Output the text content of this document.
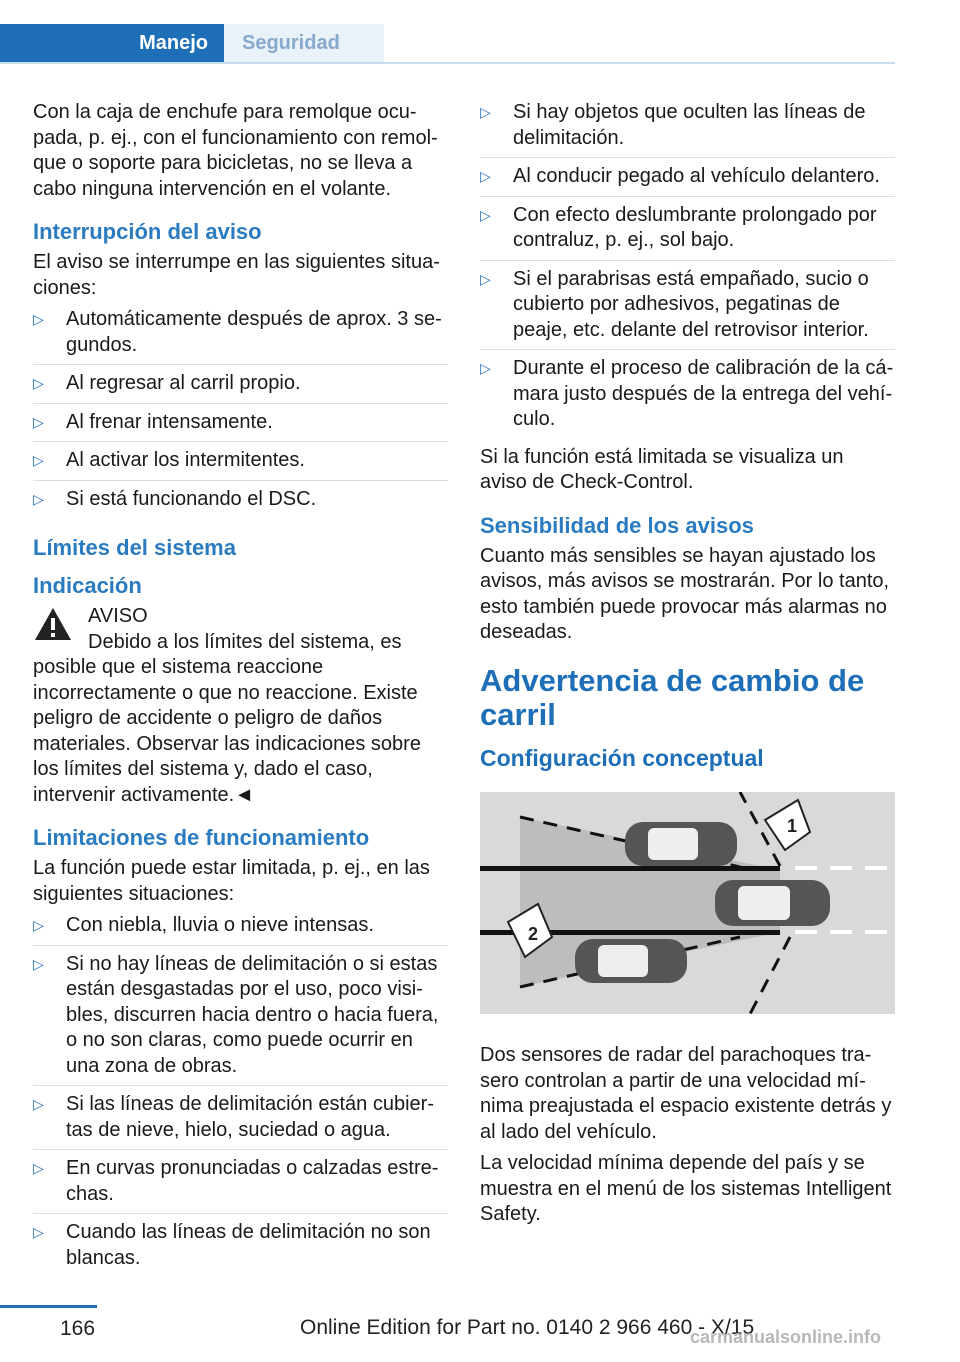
Manejo	Seguridad

Con la caja de enchufe para remolque ocupada, p. ej., con el funcionamiento con remolque o soporte para bicicletas, no se lleva a cabo ninguna intervención en el volante.

Interrupción del aviso

El aviso se interrumpe en las siguientes situaciones:

▷ Automáticamente después de aprox. 3 segundos.
▷ Al regresar al carril propio.
▷ Al frenar intensamente.
▷ Al activar los intermitentes.
▷ Si está funcionando el DSC.
Límites del sistema
Indicación
AVISO

Debido a los límites del sistema, es posible que el sistema reaccione incorrectamente o que no reaccione. Existe peligro de accidente o peligro de daños materiales. Observar las indicaciones sobre los límites del sistema y, dado el caso, intervenir activamente.◄

Limitaciones de funcionamiento

La función puede estar limitada, p. ej., en las siguientes situaciones:

▷ Con niebla, lluvia o nieve intensas.
▷ Si no hay líneas de delimitación o si estas están desgastadas por el uso, poco visibles, discurren hacia dentro o hacia fuera, o no son claras, como puede ocurrir en una zona de obras.
▷ Si las líneas de delimitación están cubiertas de nieve, hielo, suciedad o agua.
▷ En curvas pronunciadas o calzadas estrechas.
▷ Cuando las líneas de delimitación no son blancas.
▷ Si hay objetos que oculten las líneas de delimitación.
▷ Al conducir pegado al vehículo delantero.
▷ Con efecto deslumbrante prolongado por contraluz, p. ej., sol bajo.
▷ Si el parabrisas está empañado, sucio o cubierto por adhesivos, pegatinas de peaje, etc. delante del retrovisor interior.
▷ Durante el proceso de calibración de la cámara justo después de la entrega del vehículo.

Si la función está limitada se visualiza un aviso de Check-Control.

Sensibilidad de los avisos

Cuanto más sensibles se hayan ajustado los avisos, más avisos se mostrarán. Por lo tanto, esto también puede provocar más alarmas no deseadas.

Advertencia de cambio de carril
Configuración conceptual
1
2

Dos sensores de radar del parachoques trasero controlan a partir de una velocidad mínima preajustada el espacio existente detrás y al lado del vehículo.

La velocidad mínima depende del país y se muestra en el menú de los sistemas Intelligent Safety.

166	Online Edition for Part no. 0140 2 966 460 - X/15
carmanualsonline.info
